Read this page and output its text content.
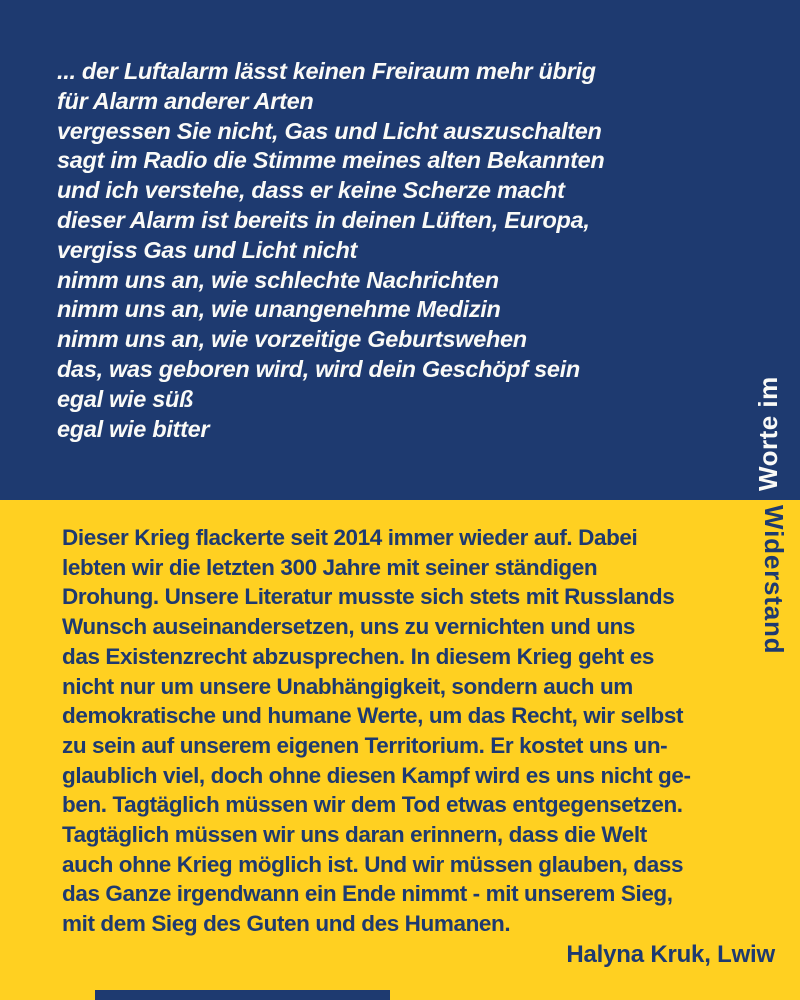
... der Luftalarm lässt keinen Freiraum mehr übrig
für Alarm anderer Arten
vergessen Sie nicht, Gas und Licht auszuschalten
sagt im Radio die Stimme meines alten Bekannten
und ich verstehe, dass er keine Scherze macht
dieser Alarm ist bereits in deinen Lüften, Europa,
vergiss Gas und Licht nicht
nimm uns an, wie schlechte Nachrichten
nimm uns an, wie unangenehme Medizin
nimm uns an, wie vorzeitige Geburtswehen
das, was geboren wird, wird dein Geschöpf sein
egal wie süß
egal wie bitter
Dieser Krieg flackerte seit 2014 immer wieder auf. Dabei
lebten wir die letzten 300 Jahre mit seiner ständigen
Drohung. Unsere Literatur musste sich stets mit Russlands
Wunsch auseinandersetzen, uns zu vernichten und uns
das Existenzrecht abzusprechen. In diesem Krieg geht es
nicht nur um unsere Unabhängigkeit, sondern auch um
demokratische und humane Werte, um das Recht, wir selbst
zu sein auf unserem eigenen Territorium. Er kostet uns un-
glaublich viel, doch ohne diesen Kampf wird es uns nicht ge-
ben. Tagtäglich müssen wir dem Tod etwas entgegensetzen.
Tagtäglich müssen wir uns daran erinnern, dass die Welt
auch ohne Krieg möglich ist. Und wir müssen glauben, dass
das Ganze irgendwann ein Ende nimmt - mit unserem Sieg,
mit dem Sieg des Guten und des Humanen.
Halyna Kruk, Lwiw
Worte im
Widerstand
